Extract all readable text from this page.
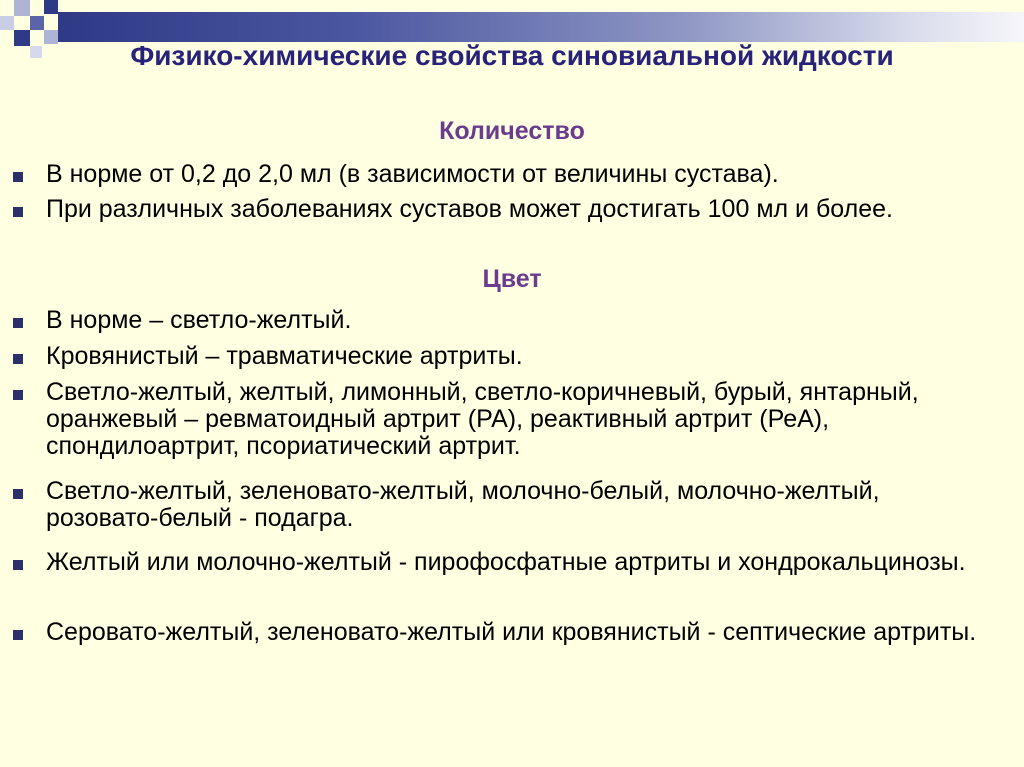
Физико-химические свойства синовиальной жидкости
Количество
В норме от 0,2 до 2,0 мл (в зависимости от величины сустава).
При различных заболеваниях суставов может достигать 100 мл и более.
Цвет
В норме – светло-желтый.
Кровянистый – травматические артриты.
Светло-желтый, желтый, лимонный, светло-коричневый, бурый, янтарный, оранжевый – ревматоидный артрит (РА), реактивный артрит (РеА), спондилоартрит, псориатический артрит.
Светло-желтый, зеленовато-желтый, молочно-белый, молочно-желтый, розовато-белый - подагра.
Желтый или молочно-желтый - пирофосфатные артриты и хондрокальцинозы.
Серовато-желтый, зеленовато-желтый или кровянистый - септические артриты.
